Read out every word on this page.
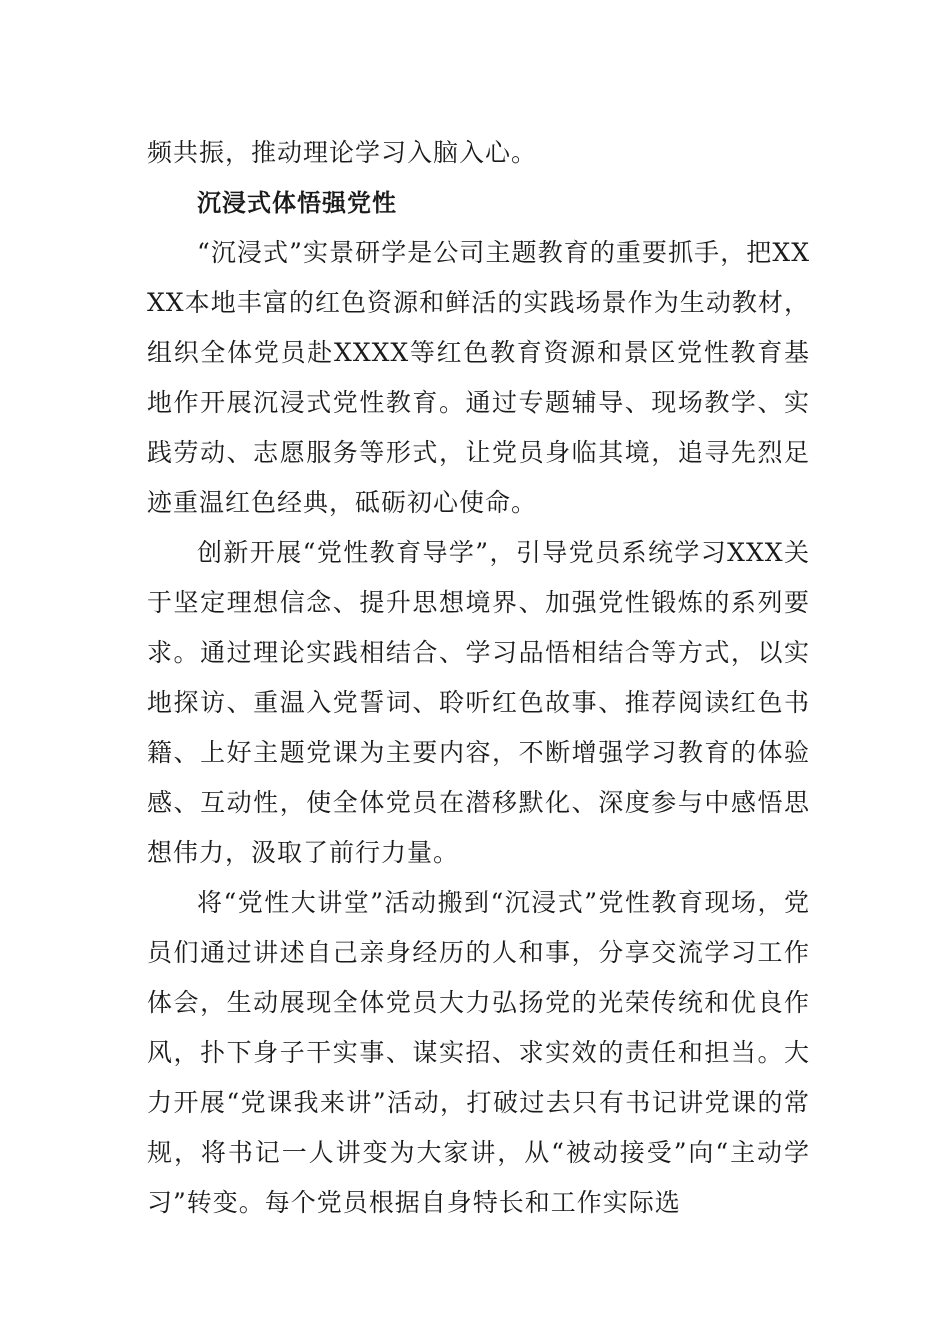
频共振，推动理论学习入脑入心。

沉浸式体悟强党性

“沉浸式”实景研学是公司主题教育的重要抓手，把XXXX本地丰富的红色资源和鲜活的实践场景作为生动教材，组织全体党员赴XXXX等红色教育资源和景区党性教育基地作开展沉浸式党性教育。通过专题辅导、现场教学、实践劳动、志愿服务等形式，让党员身临其境，追寻先烈足迹重温红色经典，砥砺初心使命。

创新开展“党性教育导学”，引导党员系统学习XXX关于坚定理想信念、提升思想境界、加强党性锻炼的系列要求。通过理论实践相结合、学习品悟相结合等方式，以实地探访、重温入党誓词、聆听红色故事、推荐阅读红色书籍、上好主题党课为主要内容，不断增强学习教育的体验感、互动性，使全体党员在潜移默化、深度参与中感悟思想伟力，汲取了前行力量。

将“党性大讲堂”活动搬到“沉浸式”党性教育现场，党员们通过讲述自己亲身经历的人和事，分享交流学习工作体会，生动展现全体党员大力弘扬党的光荣传统和优良作风，扑下身子干实事、谋实招、求实效的责任和担当。大力开展“党课我来讲”活动，打破过去只有书记讲党课的常规，将书记一人讲变为大家讲，从“被动接受”向“主动学习”转变。每个党员根据自身特长和工作实际选
